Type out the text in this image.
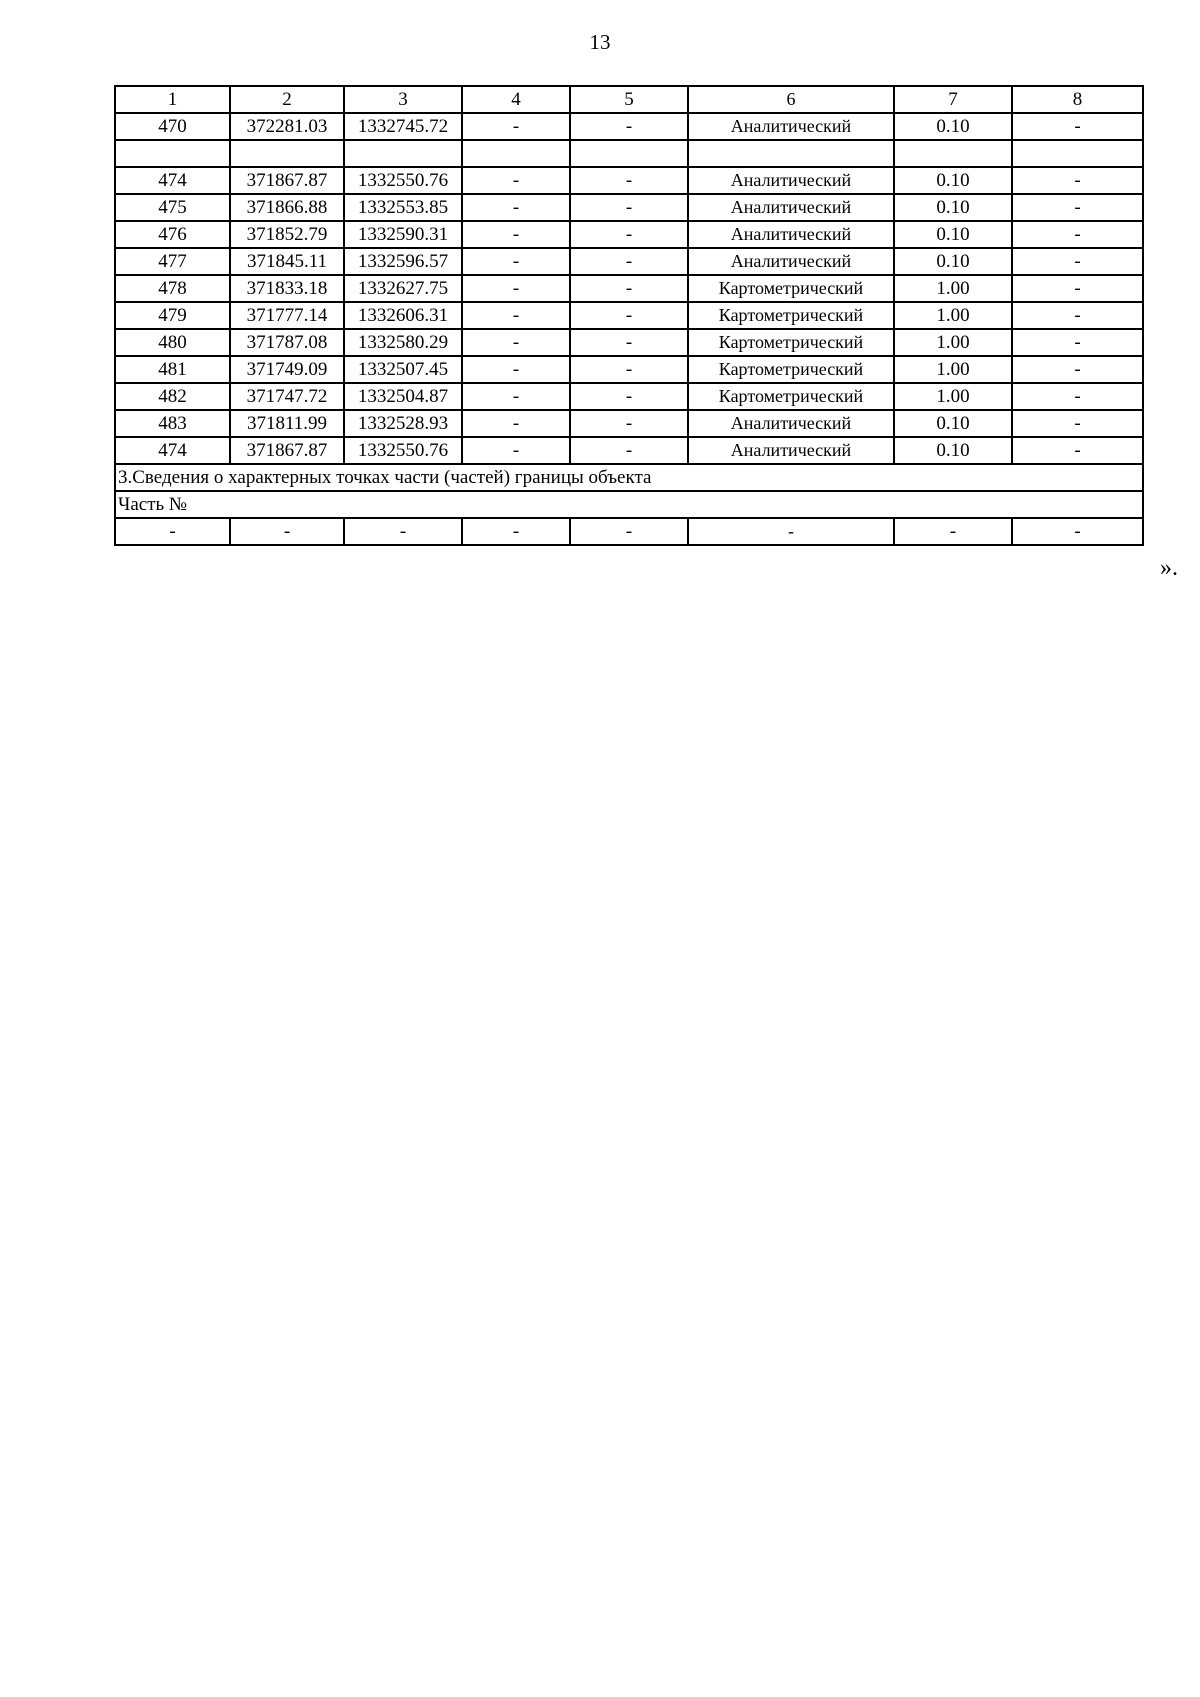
13
1	2	3	4	5	6	7	8
470	372281.03	1332745.72	-	-	Аналитический	0.10	-

474	371867.87	1332550.76	-	-	Аналитический	0.10	-
475	371866.88	1332553.85	-	-	Аналитический	0.10	-
476	371852.79	1332590.31	-	-	Аналитический	0.10	-
477	371845.11	1332596.57	-	-	Аналитический	0.10	-
478	371833.18	1332627.75	-	-	Картометрический	1.00	-
479	371777.14	1332606.31	-	-	Картометрический	1.00	-
480	371787.08	1332580.29	-	-	Картометрический	1.00	-
481	371749.09	1332507.45	-	-	Картометрический	1.00	-
482	371747.72	1332504.87	-	-	Картометрический	1.00	-
483	371811.99	1332528.93	-	-	Аналитический	0.10	-
474	371867.87	1332550.76	-	-	Аналитический	0.10	-
3.Сведения о характерных точках части (частей) границы объекта							
Часть №							
-	-	-	-	-	-	-	-
».
